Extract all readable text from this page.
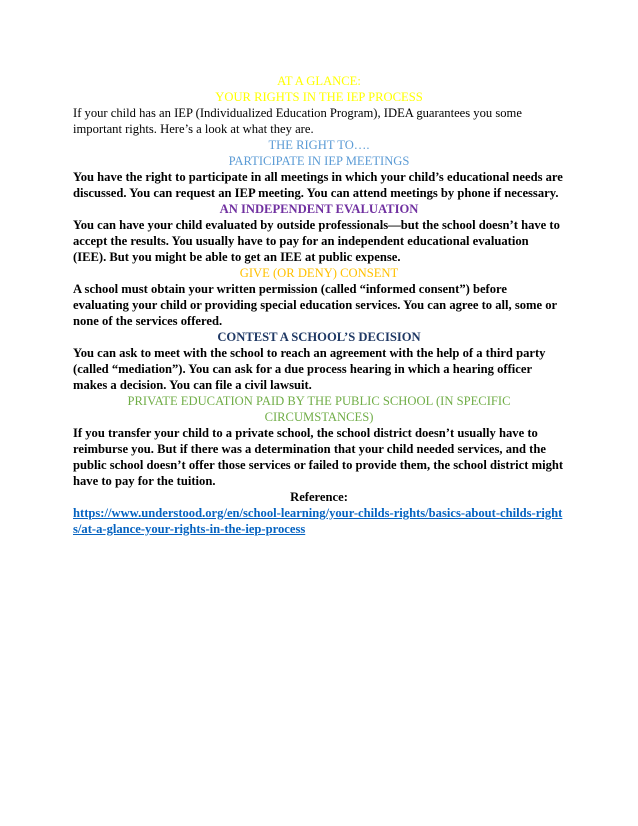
AT A GLANCE:

YOUR RIGHTS IN THE IEP PROCESS

If your child has an IEP (Individualized Education Program), IDEA guarantees you some important rights. Here’s a look at what they are.

THE RIGHT TO….

PARTICIPATE IN IEP MEETINGS

You have the right to participate in all meetings in which your child’s educational needs are discussed. You can request an IEP meeting. You can attend meetings by phone if necessary.

AN INDEPENDENT EVALUATION

You can have your child evaluated by outside professionals—but the school doesn’t have to accept the results. You usually have to pay for an independent educational evaluation (IEE). But you might be able to get an IEE at public expense.

GIVE (OR DENY) CONSENT

A school must obtain your written permission (called “informed consent”) before evaluating your child or providing special education services. You can agree to all, some or none of the services offered.

CONTEST A SCHOOL’S DECISION

You can ask to meet with the school to reach an agreement with the help of a third party (called “mediation”). You can ask for a due process hearing in which a hearing officer makes a decision. You can file a civil lawsuit.

PRIVATE EDUCATION PAID BY THE PUBLIC SCHOOL (IN SPECIFIC

CIRCUMSTANCES)

If you transfer your child to a private school, the school district doesn’t usually have to reimburse you. But if there was a determination that your child needed services, and the public school doesn’t offer those services or failed to provide them, the school district might have to pay for the tuition.

Reference:

https://www.understood.org/en/school-learning/your-childs-rights/basics-about-childs-rights/at-a-glance-your-rights-in-the-iep-process
